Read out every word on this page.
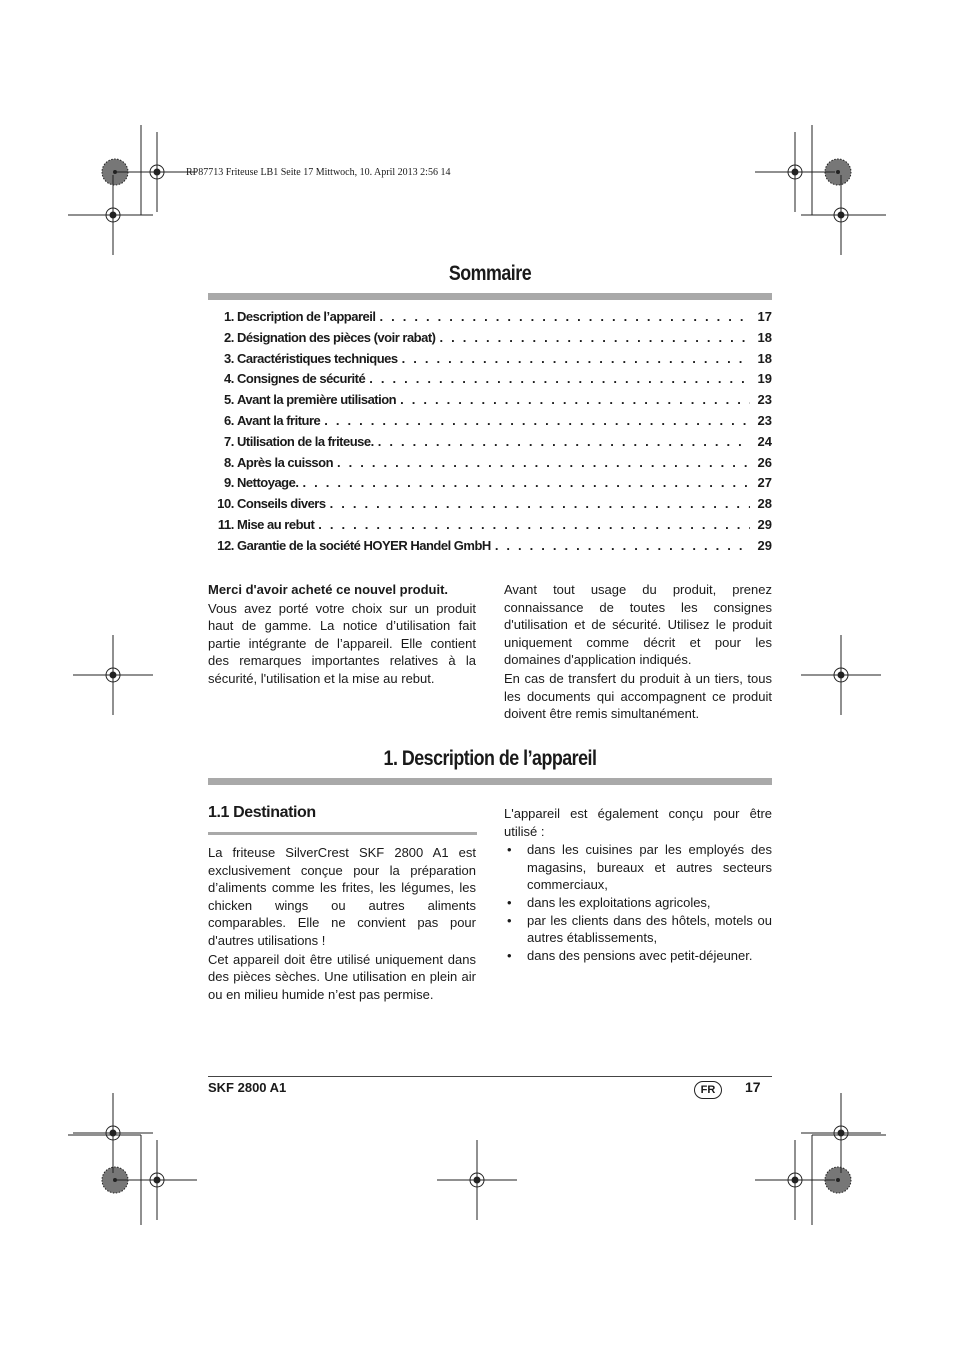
RP87713 Friteuse LB1 Seite 17 Mittwoch, 10. April 2013 2:56 14
Sommaire
1. Description de l’appareil . . .	17
2. Désignation des pièces (voir rabat) . . .	18
3. Caractéristiques techniques . . .	18
4. Consignes de sécurité . . .	19
5. Avant la première utilisation . . .	23
6. Avant la friture . . .	23
7. Utilisation de la friteuse. . . .	24
8. Après la cuisson . . .	26
9. Nettoyage. . . .	27
10. Conseils divers . . .	28
11. Mise au rebut . . .	29
12. Garantie de la société HOYER Handel GmbH . . .	29

Merci d'avoir acheté ce nouvel produit.

Vous avez porté votre choix sur un produit haut de gamme. La notice d’utilisation fait partie intégrante de l’appareil. Elle contient des remarques importantes relatives à la sécurité, l'utilisation et la mise au rebut.

Avant tout usage du produit, prenez connaissance de toutes les consignes d'utilisation et de sécurité. Utilisez le produit uniquement comme décrit et pour les domaines d'application indiqués.

En cas de transfert du produit à un tiers, tous les documents qui accompagnent ce produit doivent être remis simultanément.

1. Description de l’appareil
1.1 Destination

La friteuse SilverCrest SKF 2800 A1 est exclusivement conçue pour la préparation d’aliments comme les frites, les légumes, les chicken wings ou autres aliments comparables. Elle ne convient pas pour d'autres utilisations !

Cet appareil doit être utilisé uniquement dans des pièces sèches. Une utilisation en plein air ou en milieu humide n’est pas permise.

L'appareil est également conçu pour être utilisé :

• dans les cuisines par les employés des magasins, bureaux et autres secteurs commerciaux,
• dans les exploitations agricoles,
• par les clients dans des hôtels, motels ou autres établissements,
• dans des pensions avec petit-déjeuner.
SKF 2800 A1	FR	17
